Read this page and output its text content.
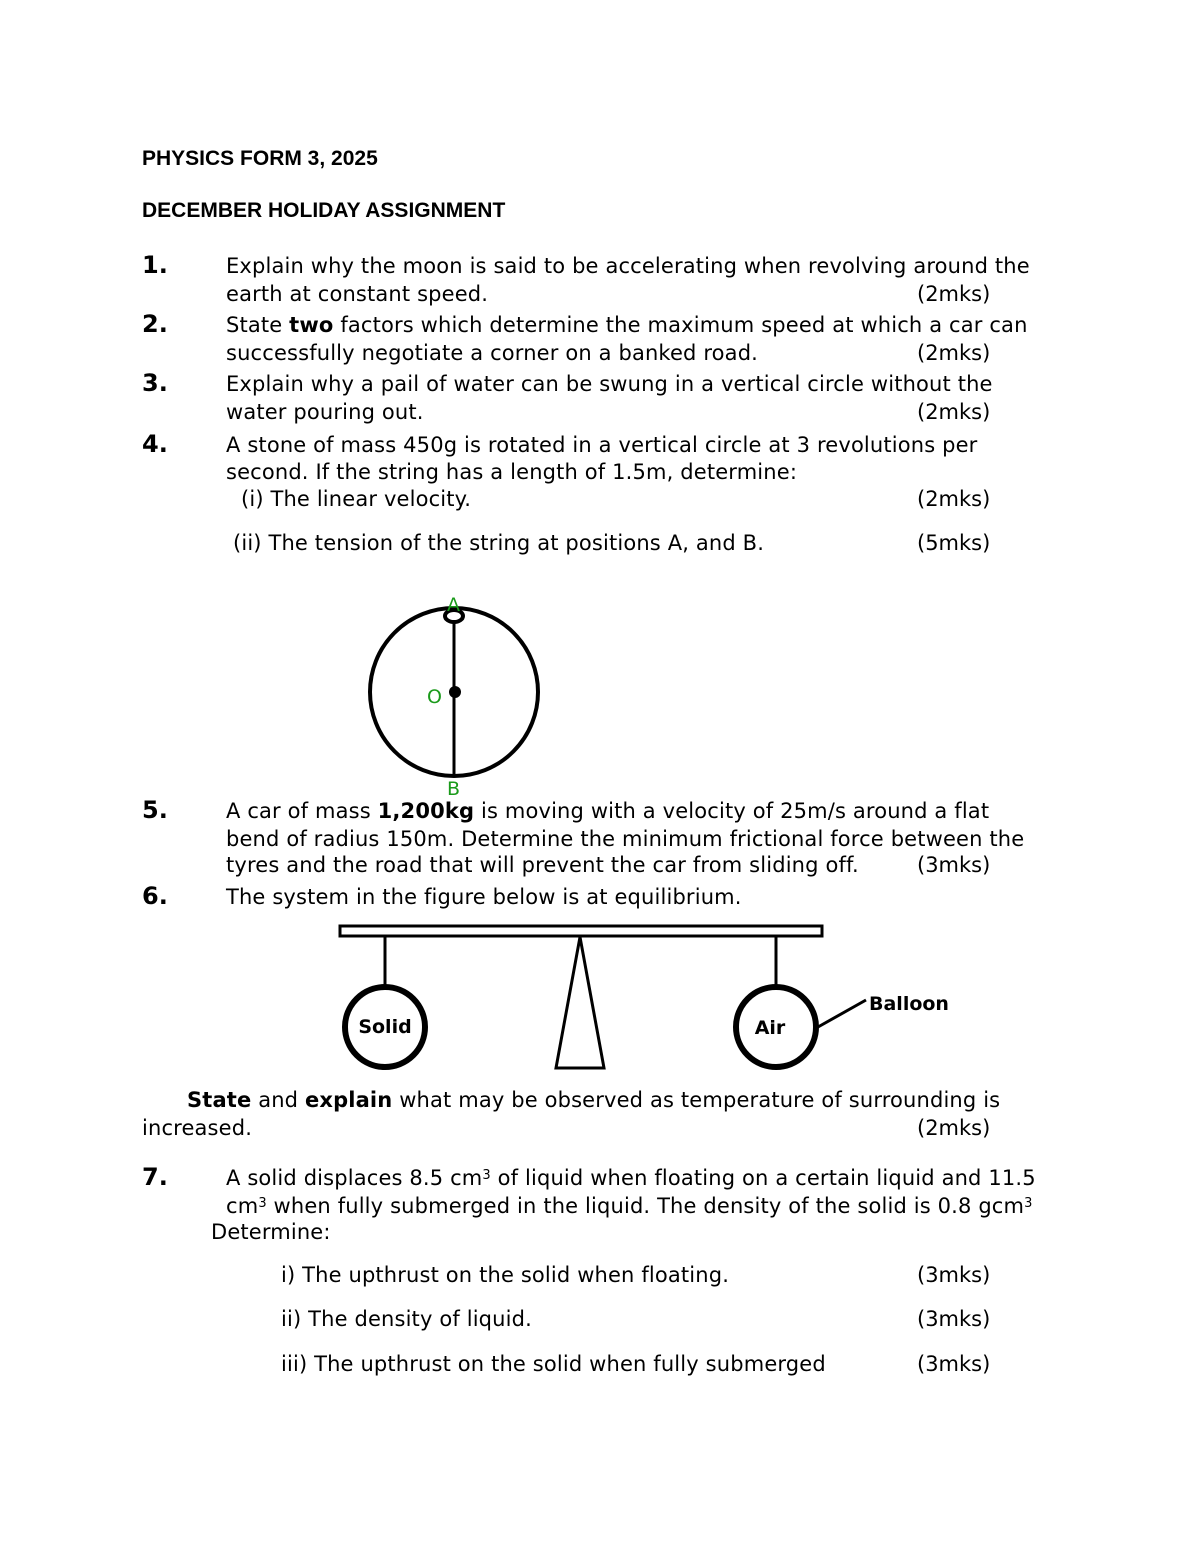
PHYSICS FORM 3, 2025
DECEMBER HOLIDAY ASSIGNMENT
1.	Explain why the moon is said to be accelerating when revolving around the
earth at constant speed.	(2mks)
2.	State two factors which determine the maximum speed at which a car can
successfully negotiate a corner on a banked road.	(2mks)
3.	Explain why a pail of water can be swung in a vertical circle without the
water pouring out.	(2mks)
4.	A stone of mass 450g is rotated in a vertical circle at 3 revolutions per
second. If the string has a length of 1.5m, determine:
(i) The linear velocity.	(2mks)
(ii) The tension of the string at positions A, and B.	(5mks)
A
O
B
5.	A car of mass 1,200kg is moving with a velocity of 25m/s around a flat
bend of radius 150m. Determine the minimum frictional force between the
tyres and the road that will prevent the car from sliding off.	(3mks)
6.	The system in the figure below is at equilibrium.
Solid	Air
Balloon
State and explain what may be observed as temperature of surrounding is
increased.	(2mks)
7.	A solid displaces 8.5 $cm^3$ of liquid when floating on a certain liquid and 11.5
$cm^3$ when fully submerged in the liquid. The density of the solid is 0.8 gcm$^3$
Determine:
i) The upthrust on the solid when floating.	(3mks)
ii) The density of liquid.	(3mks)
iii) The upthrust on the solid when fully submerged	(3mks)
